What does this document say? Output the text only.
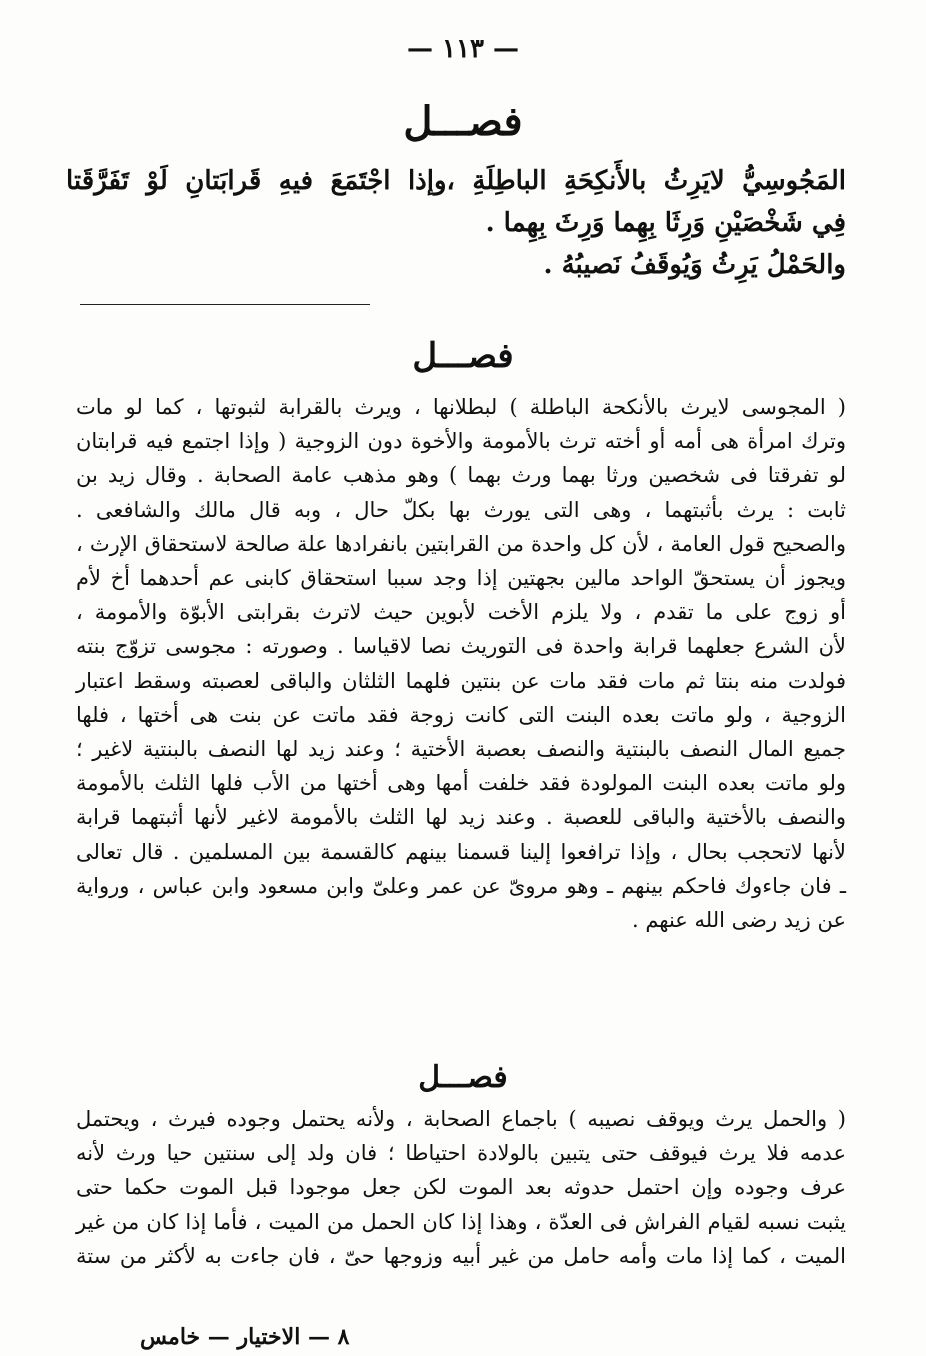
— ١١٣ —
فصـــل
المَجُوسِيُّ لايَرِثُ بالأَنكِحَةِ الباطِلَةِ ،وإذا اجْتَمَعَ فيهِ قَرابَتانِ لَوْ تَفَرَّقَتا
فِي شَخْصَيْنِ وَرِثَا بِهِما وَرِثَ بِهِما .
والحَمْلُ يَرِثُ وَيُوقَفُ نَصيبُهُ .
فصـــل
( المجوسى لايرث بالأنكحة الباطلة ) لبطلانها ، ويرث بالقرابة لثبوتها ، كما لو مات
وترك امرأة هى أمه أو أخته ترث بالأمومة والأخوة دون الزوجية ( وإذا اجتمع فيه قرابتان
لو تفرقتا فى شخصين ورثا بهما ورث بهما ) وهو مذهب عامة الصحابة . وقال زيد بن
ثابت : يرث بأثبتهما ، وهى التى يورث بها بكلّ حال ، وبه قال مالك والشافعى .
والصحيح قول العامة ، لأن كل واحدة من القرابتين بانفرادها علة صالحة لاستحقاق الإرث ،
ويجوز أن يستحقّ الواحد مالين بجهتين إذا وجد سببا استحقاق كابنى عم أحدهما أخ لأم
أو زوج على ما تقدم ، ولا يلزم الأخت لأبوين حيث لاترث بقرابتى الأبوّة والأمومة ،
لأن الشرع جعلهما قرابة واحدة فى التوريث نصا لاقياسا . وصورته : مجوسى تزوّج بنته
فولدت منه بنتا ثم مات فقد مات عن بنتين فلهما الثلثان والباقى لعصبته وسقط اعتبار
الزوجية ، ولو ماتت بعده البنت التى كانت زوجة فقد ماتت عن بنت هى أختها ، فلها
جميع المال النصف بالبنتية والنصف بعصبة الأختية ؛ وعند زيد لها النصف بالبنتية لاغير ؛
ولو ماتت بعده البنت المولودة فقد خلفت أمها وهى أختها من الأب فلها الثلث بالأمومة
والنصف بالأختية والباقى للعصبة . وعند زيد لها الثلث بالأمومة لاغير لأنها أثبتهما قرابة
لأنها لاتحجب بحال ، وإذا ترافعوا إلينا قسمنا بينهم كالقسمة بين المسلمين . قال تعالى
ـ فان جاءوك فاحكم بينهم ـ وهو مروىّ عن عمر وعلىّ وابن مسعود وابن عباس ، ورواية
عن زيد رضى الله عنهم .
فصـــل
( والحمل يرث ويوقف نصيبه ) باجماع الصحابة ، ولأنه يحتمل وجوده فيرث ، ويحتمل
عدمه فلا يرث فيوقف حتى يتبين بالولادة احتياطا ؛ فان ولد إلى سنتين حيا ورث لأنه
عرف وجوده وإن احتمل حدوثه بعد الموت لكن جعل موجودا قبل الموت حكما حتى
يثبت نسبه لقيام الفراش فى العدّة ، وهذا إذا كان الحمل من الميت ، فأما إذا كان من غير
الميت ، كما إذا مات وأمه حامل من غير أبيه وزوجها حىّ ، فان جاءت به لأكثر من ستة
٨ — الاختيار — خامس
